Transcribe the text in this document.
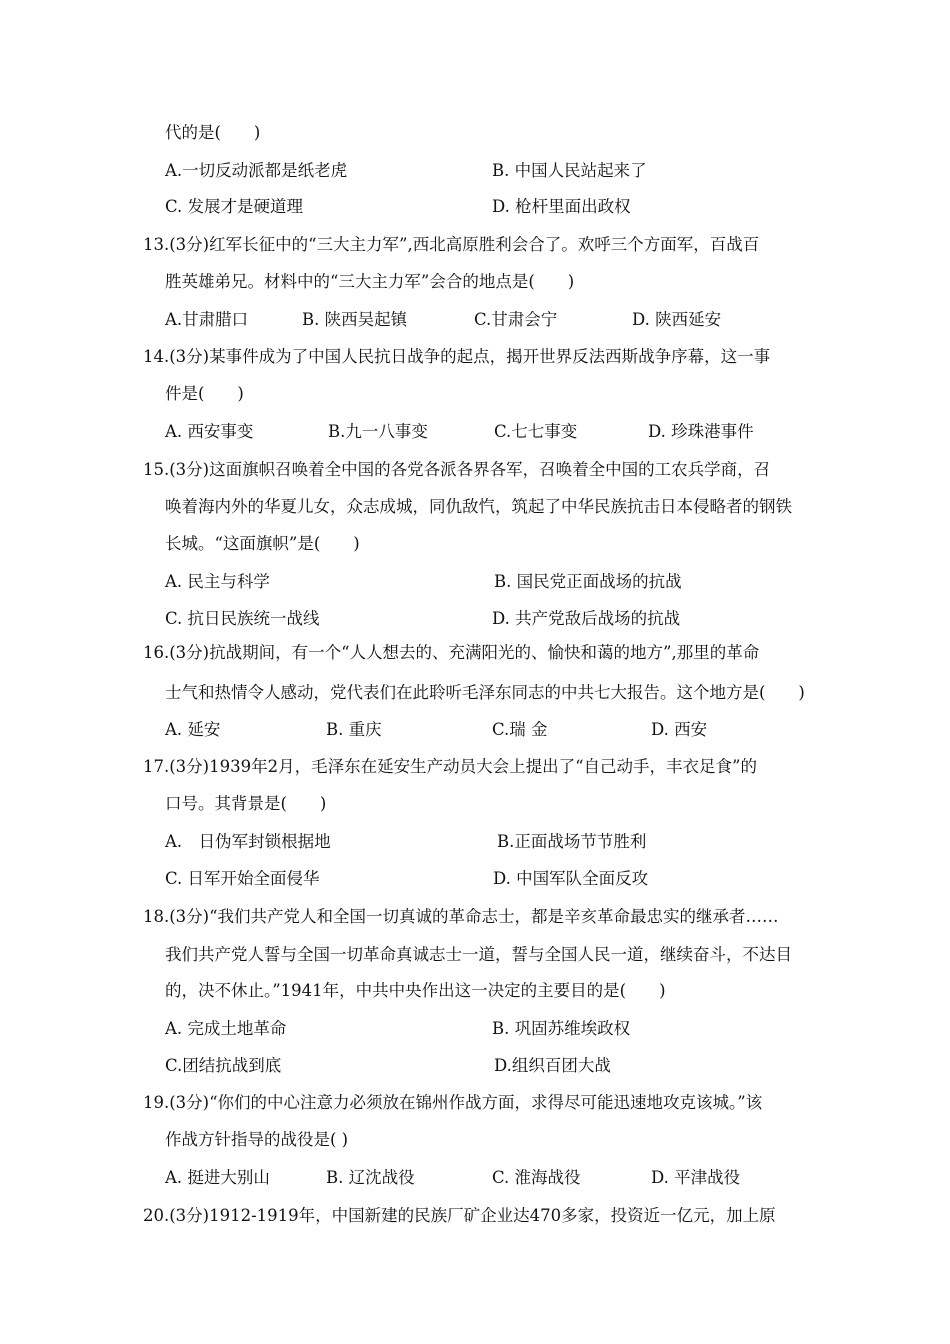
代的是(　　)
A.一切反动派都是纸老虎	B. 中国人民站起来了
C. 发展才是硬道理	D. 枪杆里面出政权
13.(3分)红军长征中的“三大主力军”,西北高原胜利会合了。欢呼三个方面军，百战百
胜英雄弟兄。材料中的“三大主力军”会合的地点是(　　)
A.甘肃腊口	B. 陕西吴起镇	C.甘肃会宁	D. 陕西延安
14.(3分)某事件成为了中国人民抗日战争的起点，揭开世界反法西斯战争序幕，这一事
件是(　　)
A. 西安事变	B.九一八事变	C.七七事变	D. 珍珠港事件
15.(3分)这面旗帜召唤着全中国的各党各派各界各军，召唤着全中国的工农兵学商，召
唤着海内外的华夏儿女，众志成城，同仇敌忾，筑起了中华民族抗击日本侵略者的钢铁
长城。“这面旗帜”是(　　)
A. 民主与科学	B. 国民党正面战场的抗战
C. 抗日民族统一战线	D. 共产党敌后战场的抗战
16.(3分)抗战期间，有一个“人人想去的、充满阳光的、愉快和蔼的地方”,那里的革命
士气和热情令人感动，党代表们在此聆听毛泽东同志的中共七大报告。这个地方是(　　)
A. 延安	B. 重庆	C.瑞 金	D. 西安
17.(3分)1939年2月，毛泽东在延安生产动员大会上提出了“自己动手，丰衣足食”的
口号。其背景是(　　)
A.　日伪军封锁根据地	B.正面战场节节胜利
C. 日军开始全面侵华	D. 中国军队全面反攻
18.(3分)“我们共产党人和全国一切真诚的革命志士，都是辛亥革命最忠实的继承者……
我们共产党人誓与全国一切革命真诚志士一道，誓与全国人民一道，继续奋斗，不达目
的，决不休止。”1941年，中共中央作出这一决定的主要目的是(　　)
A. 完成土地革命	B. 巩固苏维埃政权
C.团结抗战到底	D.组织百团大战
19.(3分)“你们的中心注意力必须放在锦州作战方面，求得尽可能迅速地攻克该城。”该
作战方针指导的战役是( )
A. 挺进大别山	B. 辽沈战役	C. 淮海战役	D. 平津战役
20.(3分)1912-1919年，中国新建的民族厂矿企业达470多家，投资近一亿元，加上原
